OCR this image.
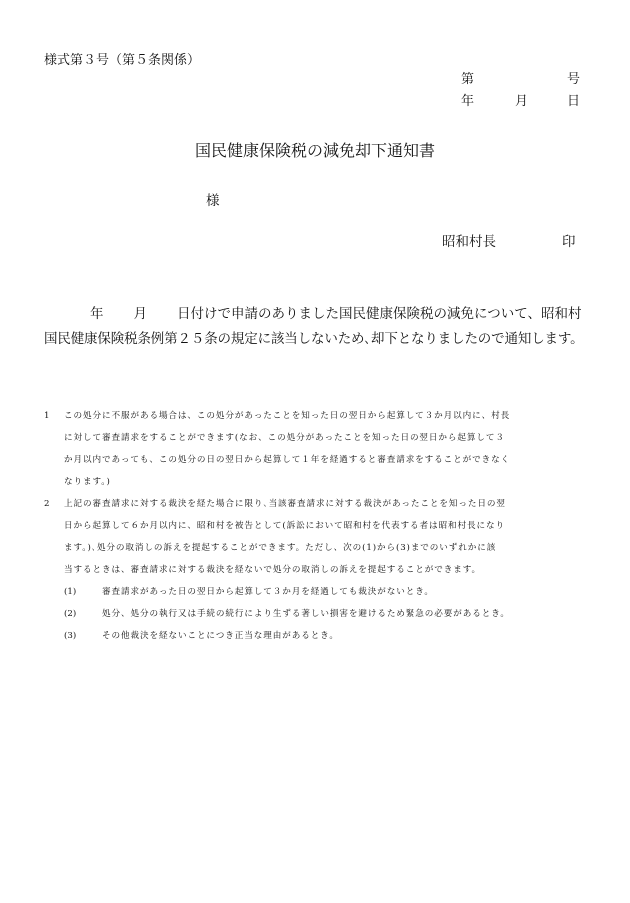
様式第３号（第５条関係）
第	号
年	月	日
国民健康保険税の減免却下通知書
様
昭和村長	印
年 月 日付けで申請のありました国民健康保険税の減免について、昭和村
国民健康保険税条例第２５条の規定に該当しないため､却下となりましたので通知します。
1 この処分に不服がある場合は、この処分があったことを知った日の翌日から起算して３か月以内に、村長
に対して審査請求をすることができます(なお、この処分があったことを知った日の翌日から起算して３
か月以内であっても、この処分の日の翌日から起算して１年を経過すると審査請求をすることができなく
なります。)
2 上記の審査請求に対する裁決を経た場合に限り､当該審査請求に対する裁決があったことを知った日の翌
日から起算して６か月以内に、昭和村を被告として(訴訟において昭和村を代表する者は昭和村長になり
ます。)､処分の取消しの訴えを提起することができます。ただし、次の(1)から(3)までのいずれかに該
当するときは、審査請求に対する裁決を経ないで処分の取消しの訴えを提起することができます。
(1)	審査請求があった日の翌日から起算して３か月を経過しても裁決がないとき。
(2)	処分、処分の執行又は手続の続行により生ずる著しい損害を避けるため緊急の必要があるとき。
(3)	その他裁決を経ないことにつき正当な理由があるとき。
